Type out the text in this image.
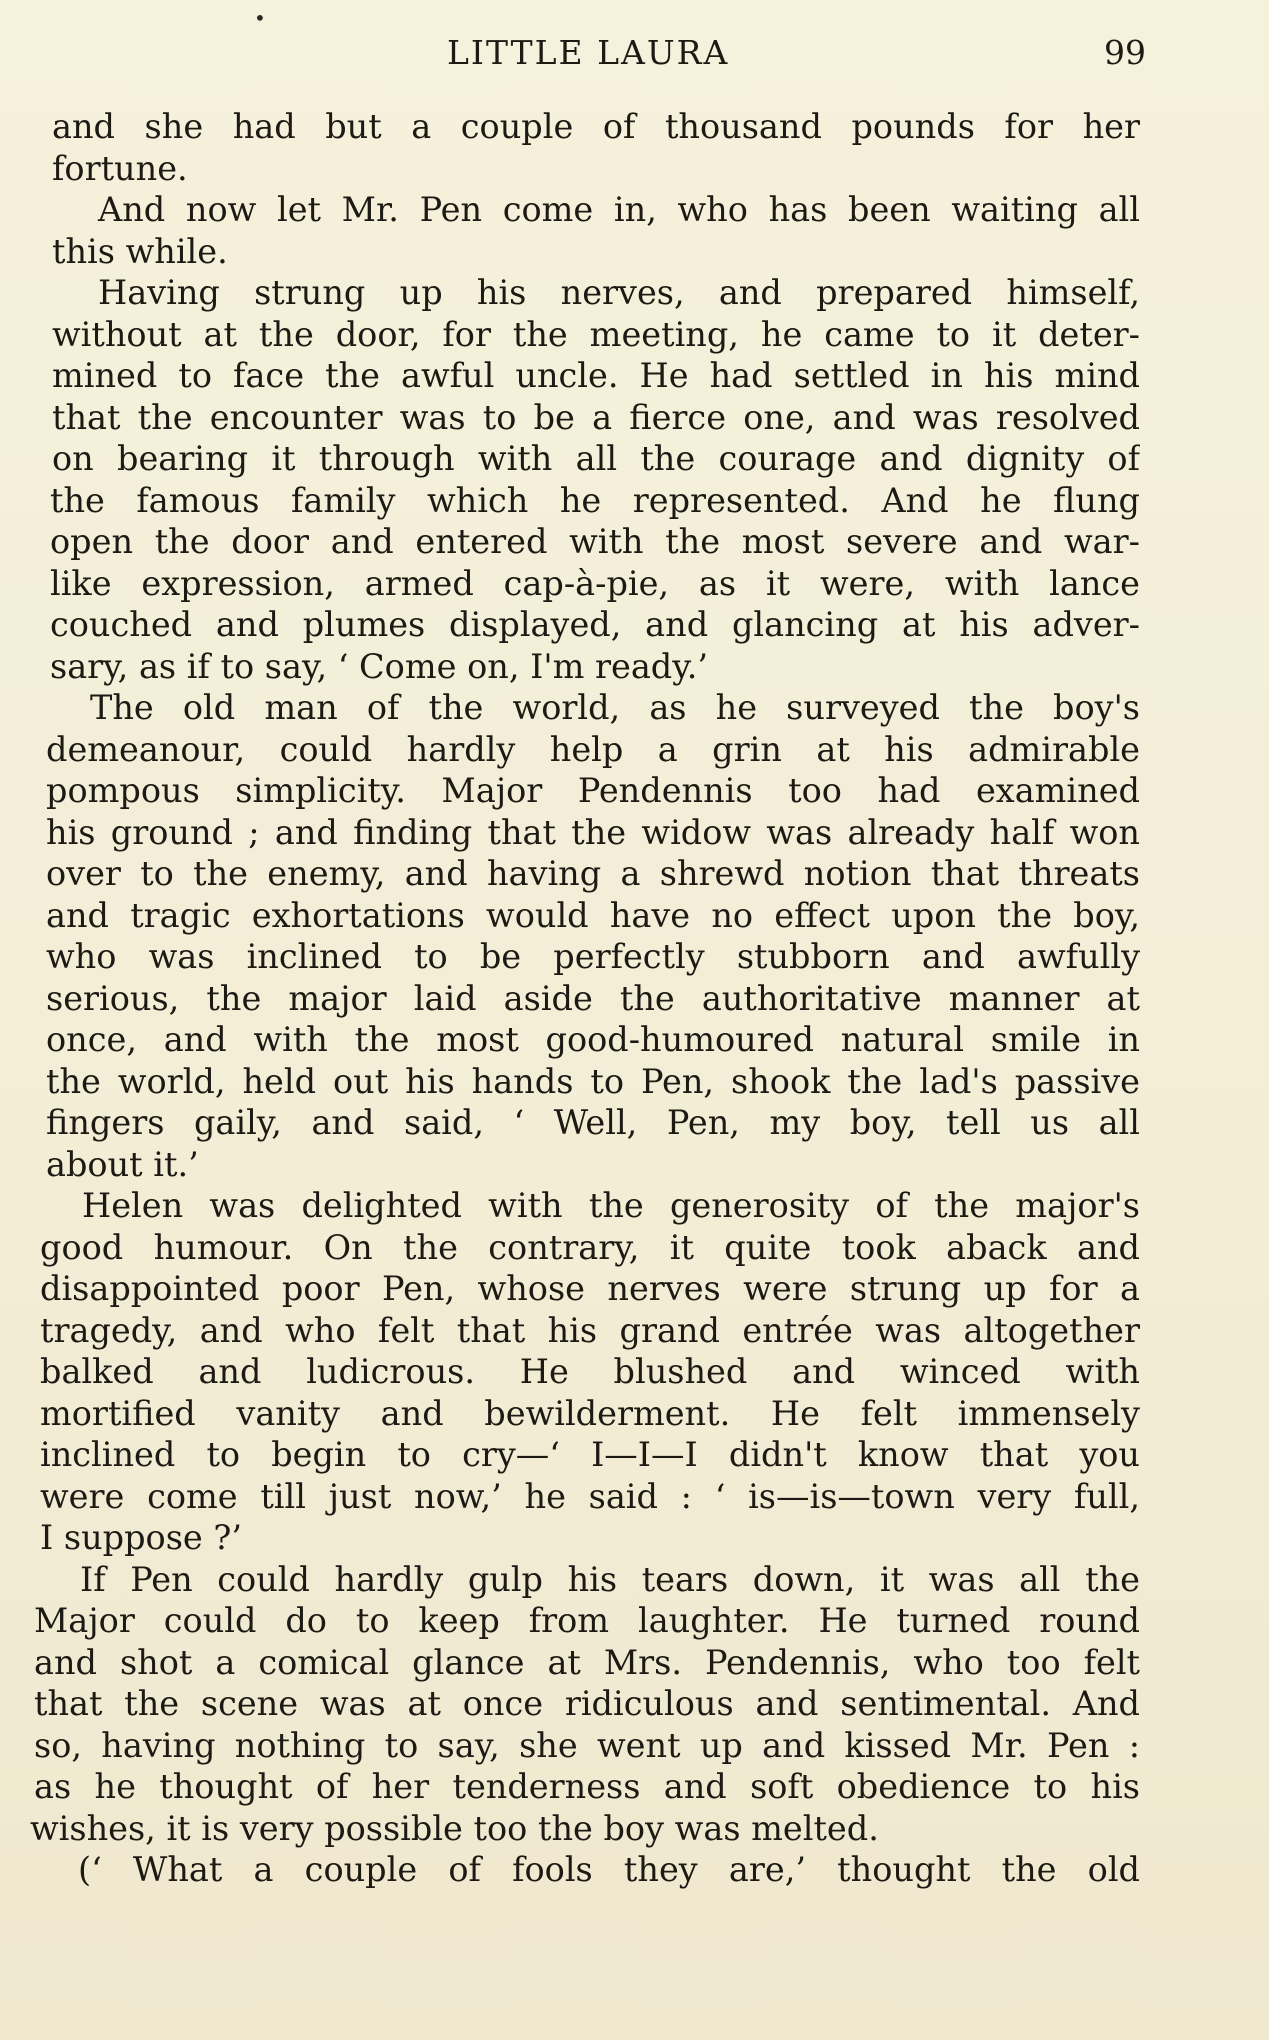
•
LITTLE LAURA	99
and she had but a couple of thousand pounds for her
fortune.
And now let Mr. Pen come in, who has been waiting all
this while.
Having strung up his nerves, and prepared himself,
without at the door, for the meeting, he came to it deter-
mined to face the awful uncle. He had settled in his mind
that the encounter was to be a fierce one, and was resolved
on bearing it through with all the courage and dignity of
the famous family which he represented. And he flung
open the door and entered with the most severe and war-
like expression, armed cap-à-pie, as it were, with lance
couched and plumes displayed, and glancing at his adver-
sary, as if to say, ‘ Come on, I'm ready.’
The old man of the world, as he surveyed the boy's
demeanour, could hardly help a grin at his admirable
pompous simplicity. Major Pendennis too had examined
his ground ; and finding that the widow was already half won
over to the enemy, and having a shrewd notion that threats
and tragic exhortations would have no effect upon the boy,
who was inclined to be perfectly stubborn and awfully
serious, the major laid aside the authoritative manner at
once, and with the most good-humoured natural smile in
the world, held out his hands to Pen, shook the lad's passive
fingers gaily, and said, ‘ Well, Pen, my boy, tell us all
about it.’
Helen was delighted with the generosity of the major's
good humour. On the contrary, it quite took aback and
disappointed poor Pen, whose nerves were strung up for a
tragedy, and who felt that his grand entrée was altogether
balked and ludicrous. He blushed and winced with
mortified vanity and bewilderment. He felt immensely
inclined to begin to cry—‘ I—I—I didn't know that you
were come till just now,’ he said : ‘ is—is—town very full,
I suppose ?’
If Pen could hardly gulp his tears down, it was all the
Major could do to keep from laughter. He turned round
and shot a comical glance at Mrs. Pendennis, who too felt
that the scene was at once ridiculous and sentimental. And
so, having nothing to say, she went up and kissed Mr. Pen :
as he thought of her tenderness and soft obedience to his
wishes, it is very possible too the boy was melted.
(‘ What a couple of fools they are,’ thought the old
